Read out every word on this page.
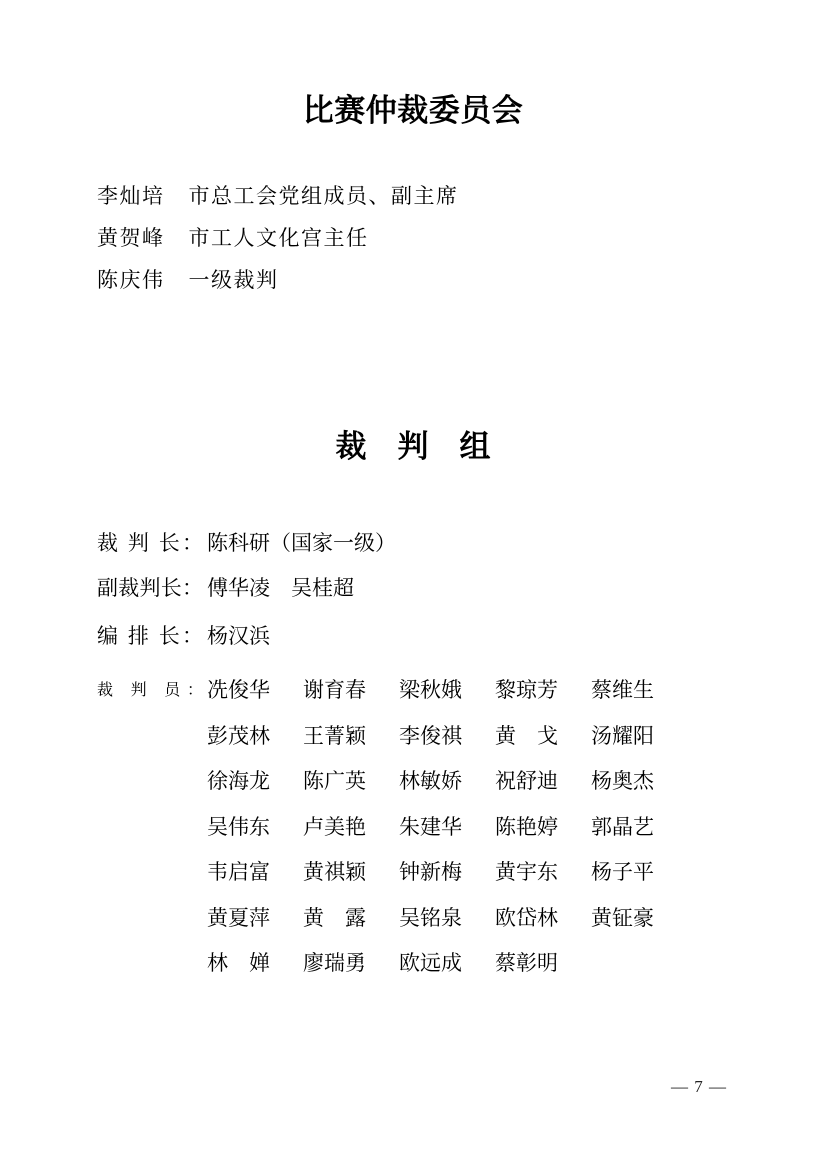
比赛仲裁委员会
李灿培 市总工会党组成员、副主席
黄贺峰 市工人文化宫主任
陈庆伟 一级裁判
裁　判　组
裁 判 长： 陈科研（国家一级）
副裁判长： 傅华凌　吴桂超
编 排 长： 杨汉浜
裁 判 员： 冼俊华 谢育春 梁秋娥 黎琼芳 蔡维生
彭茂林 王菁颖 李俊祺 黄　戈 汤耀阳
徐海龙 陈广英 林敏娇 祝舒迪 杨奥杰
吴伟东 卢美艳 朱建华 陈艳婷 郭晶艺
韦启富 黄祺颖 钟新梅 黄宇东 杨子平
黄夏萍 黄　露 吴铭泉 欧岱林 黄钲豪
林　婵 廖瑞勇 欧远成 蔡彰明
— 7 —
